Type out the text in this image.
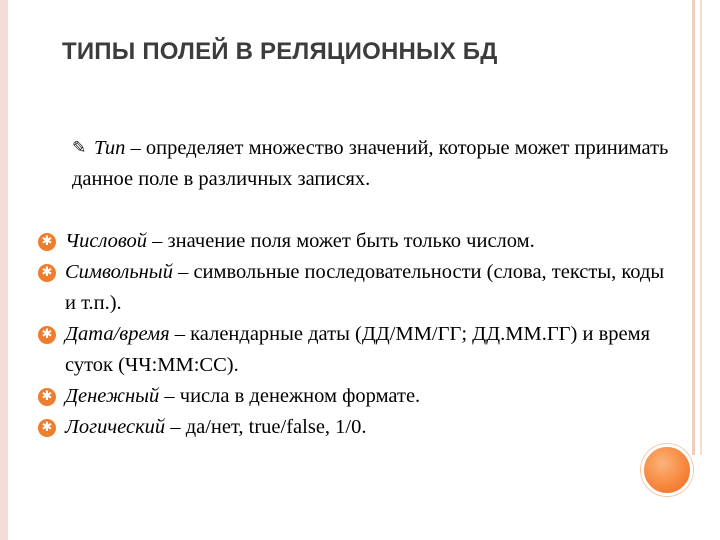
ТИПЫ ПОЛЕЙ В РЕЛЯЦИОННЫХ БД
✎ Тип – определяет множество значений, которые может принимать данное поле в различных записях.
✱ Числовой – значение поля может быть только числом.
✱ Символьный – символьные последовательности (слова, тексты, коды и т.п.).
✱ Дата/время – календарные даты (ДД/ММ/ГГ; ДД.ММ.ГГ) и время суток (ЧЧ:ММ:СС).
✱ Денежный – числа в денежном формате.
✱ Логический – да/нет, true/false, 1/0.
